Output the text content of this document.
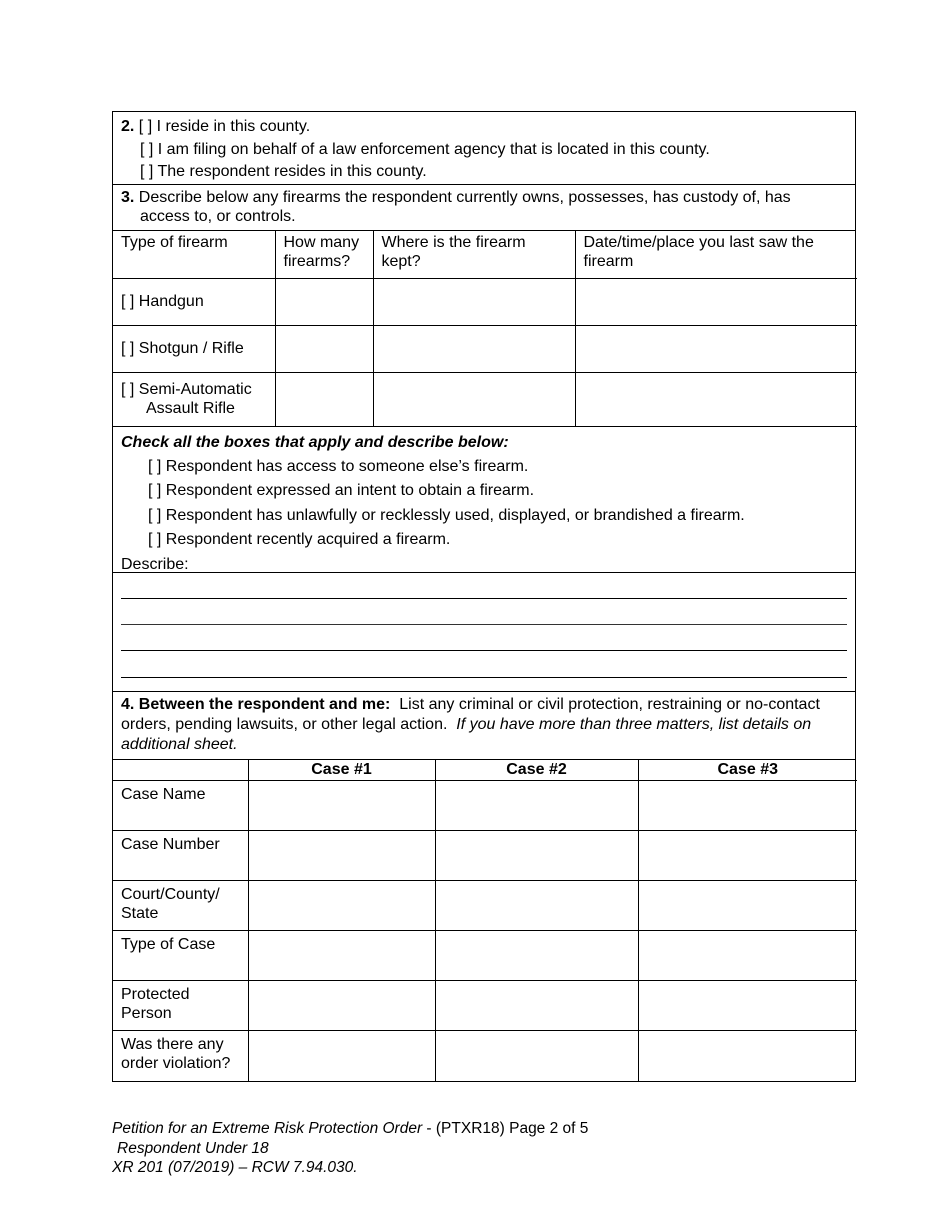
2. [ ] I reside in this county.
[ ] I am filing on behalf of a law enforcement agency that is located in this county.
[ ] The respondent resides in this county.
3. Describe below any firearms the respondent currently owns, possesses, has custody of, has
access to, or controls.
Type of firearm	How many firearms?	Where is the firearm kept?	Date/time/place you last saw the firearm
[ ] Handgun			
[ ] Shotgun / Rifle			
[ ] Semi-Automatic
Assault Rifle			

Check all the boxes that apply and describe below:
[ ] Respondent has access to someone else’s firearm.
[ ] Respondent expressed an intent to obtain a firearm.
[ ] Respondent has unlawfully or recklessly used, displayed, or brandished a firearm.
[ ] Respondent recently acquired a firearm.
Describe:
4. Between the respondent and me:  List any criminal or civil protection, restraining or no-contact orders, pending lawsuits, or other legal action.  If you have more than three matters, list details on additional sheet.
	Case #1	Case #2	Case #3
Case Name			
Case Number			
Court/County/ State			
Type of Case			
Protected Person			
Was there any order violation?			
Petition for an Extreme Risk Protection Order - (PTXR18) Page 2 of 5
Respondent Under 18
XR 201 (07/2019) – RCW 7.94.030.
